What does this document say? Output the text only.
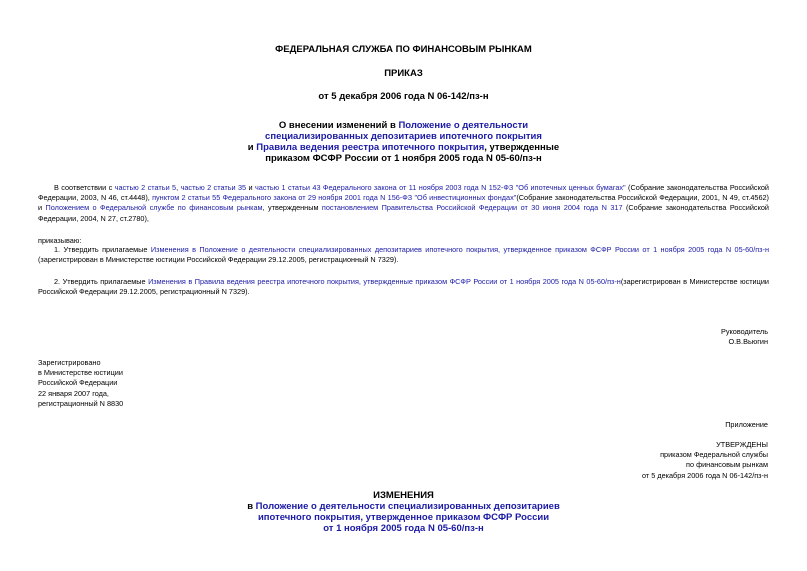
ФЕДЕРАЛЬНАЯ СЛУЖБА ПО ФИНАНСОВЫМ РЫНКАМ
ПРИКАЗ
от 5 декабря 2006 года N 06-142/пз-н
О внесении изменений в Положение о деятельности
специализированных депозитариев ипотечного покрытия
и Правила ведения реестра ипотечного покрытия, утвержденные
приказом ФСФР России от 1 ноября 2005 года N 05-60/пз-н
В соответствии с частью 2 статьи 5, частью 2 статьи 35 и частью 1 статьи 43 Федерального закона от 11 ноября 2003 года N 152-ФЗ "Об ипотечных ценных бумагах" (Собрание законодательства Российской Федерации, 2003, N 46, ст.4448), пунктом 2 статьи 55 Федерального закона от 29 ноября 2001 года N 156-ФЗ "Об инвестиционных фондах"(Собрание законодательства Российской Федерации, 2001, N 49, ст.4562) и Положением о Федеральной службе по финансовым рынкам, утвержденным постановлением Правительства Российской Федерации от 30 июня 2004 года N 317 (Собрание законодательства Российской Федерации, 2004, N 27, ст.2780),
приказываю:
1. Утвердить прилагаемые Изменения в Положение о деятельности специализированных депозитариев ипотечного покрытия, утвержденное приказом ФСФР России от 1 ноября 2005 года N 05-60/пз-н (зарегистрирован в Министерстве юстиции Российской Федерации 29.12.2005, регистрационный N 7329).
2. Утвердить прилагаемые Изменения в Правила ведения реестра ипотечного покрытия, утвержденные приказом ФСФР России от 1 ноября 2005 года N 05-60/пз-н(зарегистрирован в Министерстве юстиции Российской Федерации 29.12.2005, регистрационный N 7329).
Руководитель
О.В.Вьюгин
Зарегистрировано
в Министерстве юстиции
Российской Федерации
22 января 2007 года,
регистрационный N 8830
Приложение
УТВЕРЖДЕНЫ
приказом Федеральной службы
по финансовым рынкам
от 5 декабря 2006 года N 06-142/пз-н
ИЗМЕНЕНИЯ
в Положение о деятельности специализированных депозитариев
ипотечного покрытия, утвержденное приказом ФСФР России
от 1 ноября 2005 года N 05-60/пз-н
